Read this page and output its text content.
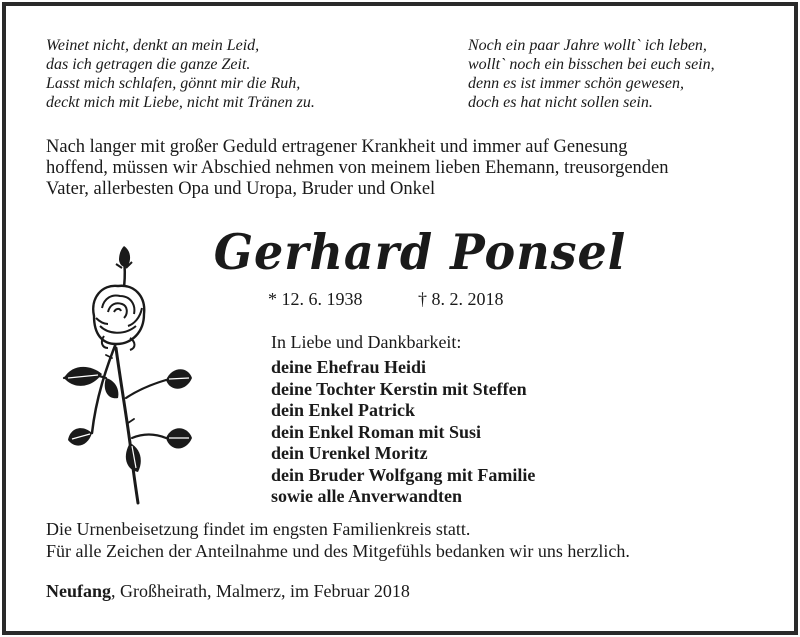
Weinet nicht, denkt an mein Leid,
das ich getragen die ganze Zeit.
Lasst mich schlafen, gönnt mir die Ruh,
deckt mich mit Liebe, nicht mit Tränen zu.
Noch ein paar Jahre wollt` ich leben,
wollt` noch ein bisschen bei euch sein,
denn es ist immer schön gewesen,
doch es hat nicht sollen sein.
Nach langer mit großer Geduld ertragener Krankheit und immer auf Genesung
hoffend, müssen wir Abschied nehmen von meinem lieben Ehemann, treusorgenden
Vater, allerbesten Opa und Uropa, Bruder und Onkel
Gerhard Ponsel
* 12. 6. 1938	† 8. 2. 2018
In Liebe und Dankbarkeit:
deine Ehefrau Heidi
deine Tochter Kerstin mit Steffen
dein Enkel Patrick
dein Enkel Roman mit Susi
dein Urenkel Moritz
dein Bruder Wolfgang mit Familie
sowie alle Anverwandten
Die Urnenbeisetzung findet im engsten Familienkreis statt.
Für alle Zeichen der Anteilnahme und des Mitgefühls bedanken wir uns herzlich.
Neufang, Großheirath, Malmerz, im Februar 2018
